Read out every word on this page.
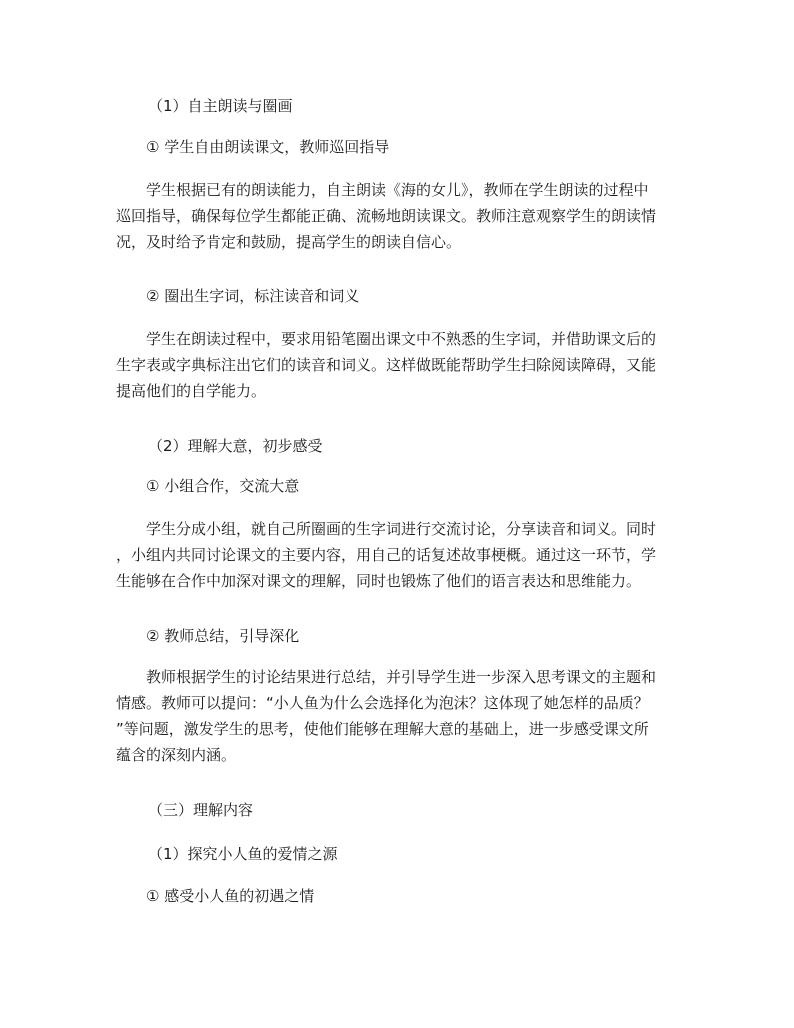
（1）自主朗读与圈画

① 学生自由朗读课文，教师巡回指导

学生根据已有的朗读能力，自主朗读《海的女儿》，教师在学生朗读的过程中
巡回指导，确保每位学生都能正确、流畅地朗读课文。教师注意观察学生的朗读情
况，及时给予肯定和鼓励，提高学生的朗读自信心。

② 圈出生字词，标注读音和词义

学生在朗读过程中，要求用铅笔圈出课文中不熟悉的生字词，并借助课文后的
生字表或字典标注出它们的读音和词义。这样做既能帮助学生扫除阅读障碍，又能
提高他们的自学能力。

（2）理解大意，初步感受

① 小组合作，交流大意

学生分成小组，就自己所圈画的生字词进行交流讨论，分享读音和词义。同时
，小组内共同讨论课文的主要内容，用自己的话复述故事梗概。通过这一环节，学
生能够在合作中加深对课文的理解，同时也锻炼了他们的语言表达和思维能力。

② 教师总结，引导深化

教师根据学生的讨论结果进行总结，并引导学生进一步深入思考课文的主题和
情感。教师可以提问：“小人鱼为什么会选择化为泡沫？这体现了她怎样的品质？
”等问题，激发学生的思考，使他们能够在理解大意的基础上，进一步感受课文所
蕴含的深刻内涵。

（三）理解内容

（1）探究小人鱼的爱情之源

① 感受小人鱼的初遇之情
